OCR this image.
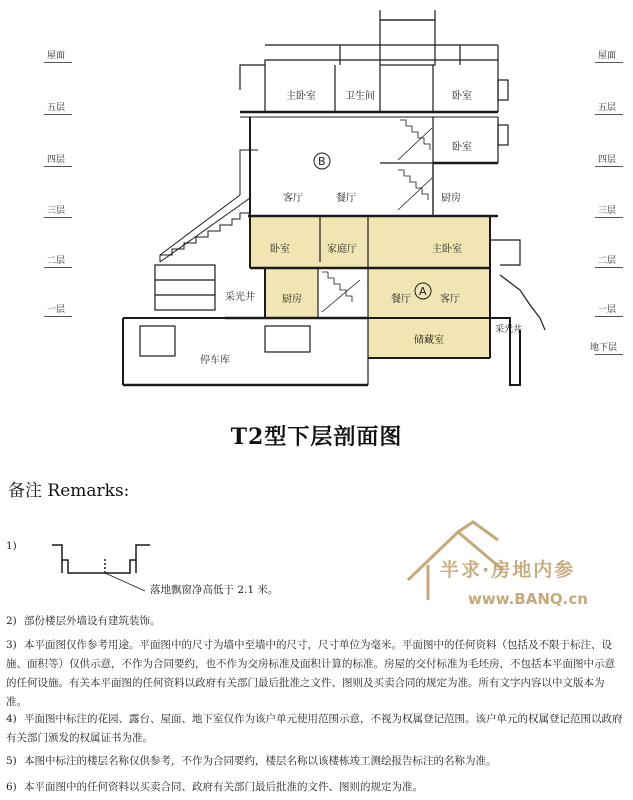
屋面
五层
四层
三层
二层
一层
屋面
五层
四层
三层
二层
一层
地下层
主卧室	卫生间	卧室
卧室
B
客厅	餐厅	厨房
卧室	家庭厅	主卧室
采光井	厨房	餐厅
A
客厅
储藏室
停车库
采光井
T2型下层剖面图
备注 Remarks:
1)
落地飘窗净高低于 2.1 米。
半求·房地内参
www.BANQ.cn
2) 部份楼层外墙设有建筑装饰。
3) 本平面图仅作参考用途。平面图中的尺寸为墙中至墙中的尺寸，尺寸单位为毫米。平面图中的任何资料（包括及不限于标注、设施、面积等）仅供示意，不作为合同要约，也不作为交房标准及面积计算的标准。房屋的交付标准为毛坯房，不包括本平面图中示意的任何设施。有关本平面图的任何资料以政府有关部门最后批准之文件、图则及买卖合同的规定为准。所有文字内容以中文版本为准。
4) 平面图中标注的花园、露台、屋面、地下室仅作为该户单元使用范围示意，不视为权属登记范围。该户单元的权属登记范围以政府有关部门颁发的权属证书为准。
5) 本图中标注的楼层名称仅供参考，不作为合同要约，楼层名称以该楼栋竣工测绘报告标注的名称为准。
6) 本平面图中的任何资料以买卖合同、政府有关部门最后批准的文件、图则的规定为准。
